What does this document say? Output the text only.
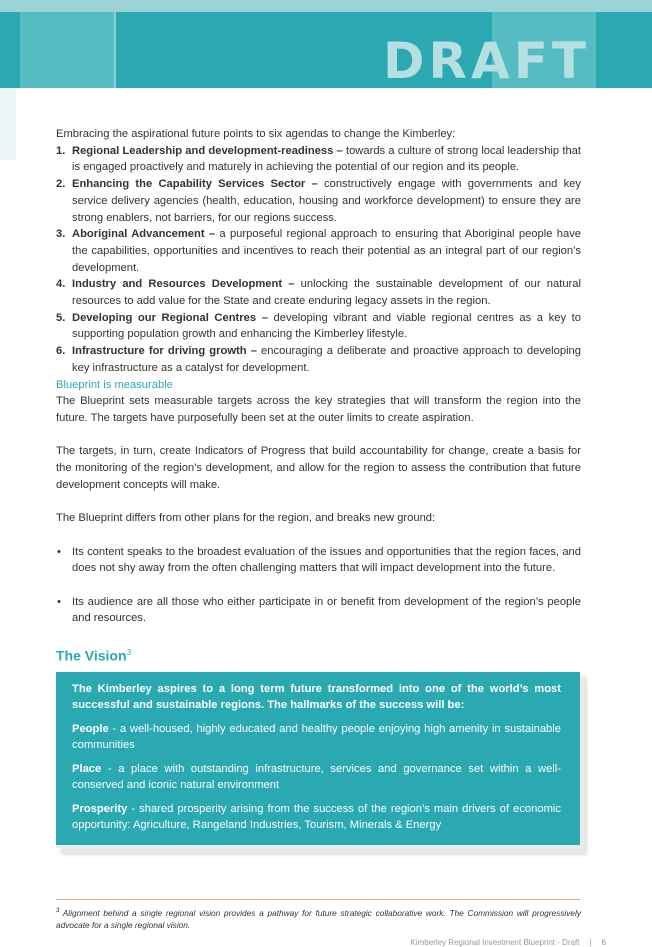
DRAFT

Embracing the aspirational future points to six agendas to change the Kimberley:

1. Regional Leadership and development-readiness – towards a culture of strong local leadership that is engaged proactively and maturely in achieving the potential of our region and its people.
2. Enhancing the Capability Services Sector – constructively engage with governments and key service delivery agencies (health, education, housing and workforce development) to ensure they are strong enablers, not barriers, for our regions success.
3. Aboriginal Advancement – a purposeful regional approach to ensuring that Aboriginal people have the capabilities, opportunities and incentives to reach their potential as an integral part of our region’s development.
4. Industry and Resources Development – unlocking the sustainable development of our natural resources to add value for the State and create enduring legacy assets in the region.
5. Developing our Regional Centres – developing vibrant and viable regional centres as a key to supporting population growth and enhancing the Kimberley lifestyle.
6. Infrastructure for driving growth – encouraging a deliberate and proactive approach to developing key infrastructure as a catalyst for development.

Blueprint is measurable

The Blueprint sets measurable targets across the key strategies that will transform the region into the future. The targets have purposefully been set at the outer limits to create aspiration.

The targets, in turn, create Indicators of Progress that build accountability for change, create a basis for the monitoring of the region’s development, and allow for the region to assess the contribution that future development concepts will make.

The Blueprint differs from other plans for the region, and breaks new ground:

• Its content speaks to the broadest evaluation of the issues and opportunities that the region faces, and does not shy away from the often challenging matters that will impact development into the future.
• Its audience are all those who either participate in or benefit from development of the region’s people and resources.
The Vision$^3$

The Kimberley aspires to a long term future transformed into one of the world’s most successful and sustainable regions. The hallmarks of the success will be:

People - a well-housed, highly educated and healthy people enjoying high amenity in sustainable communities

Place - a place with outstanding infrastructure, services and governance set within a well-conserved and iconic natural environment

Prosperity - shared prosperity arising from the success of the region’s main drivers of economic opportunity: Agriculture, Rangeland Industries, Tourism, Minerals & Energy

$^3$ Alignment behind a single regional vision provides a pathway for future strategic collaborative work. The Commission will progressively advocate for a single regional vision.
Kimberley Regional Investment Blueprint - Draft | 6
